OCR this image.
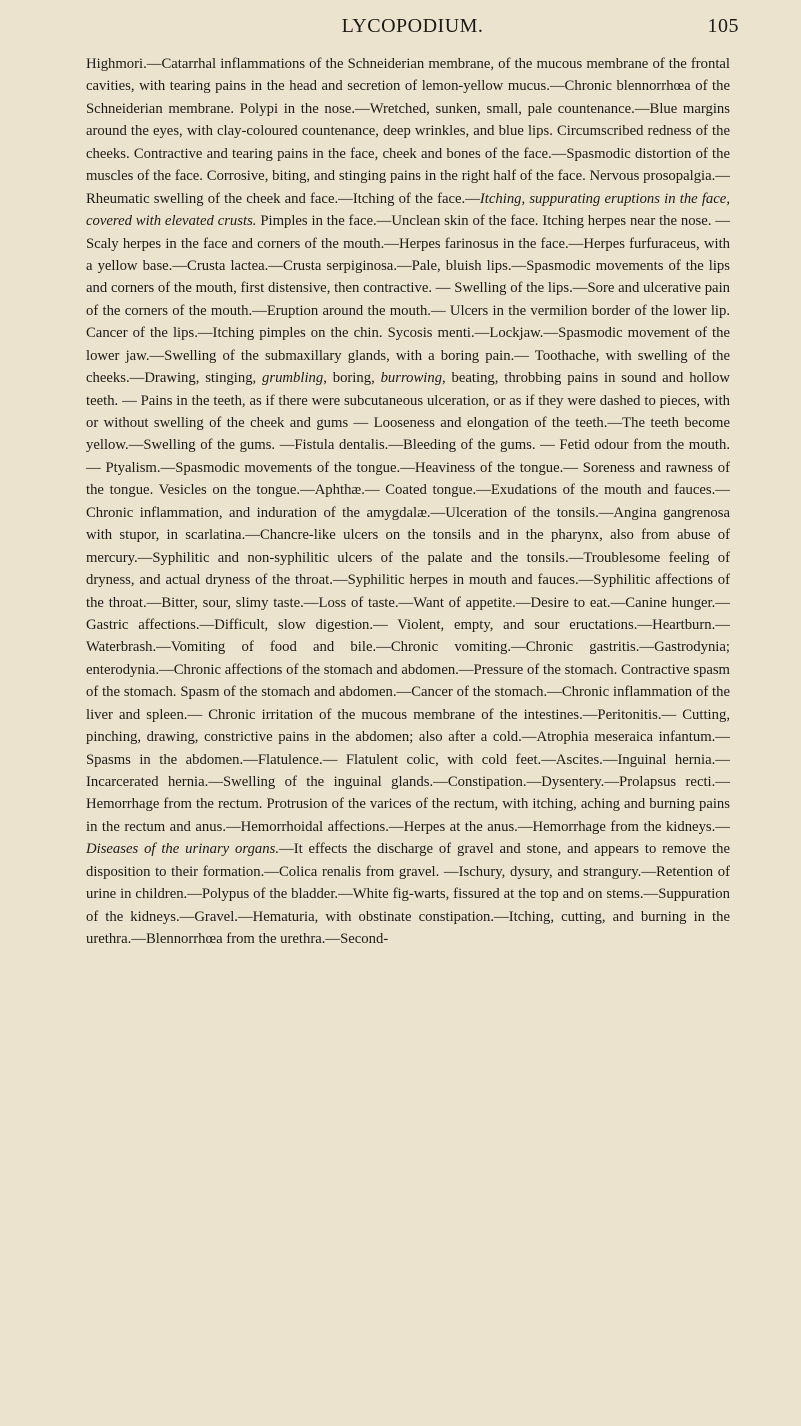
LYCOPODIUM.	105

Highmori.—Catarrhal inflammations of the Schneiderian membrane, of the mucous membrane of the frontal cavities, with tearing pains in the head and secretion of lemon-yellow mucus.—Chronic blennorrhœa of the Schneiderian membrane. Polypi in the nose.—Wretched, sunken, small, pale countenance.—Blue margins around the eyes, with clay-coloured countenance, deep wrinkles, and blue lips. Circumscribed redness of the cheeks. Contractive and tearing pains in the face, cheek and bones of the face.—Spasmodic distortion of the muscles of the face. Corrosive, biting, and stinging pains in the right half of the face. Nervous prosopalgia.—Rheumatic swelling of the cheek and face.—Itching of the face.—Itching, suppurating eruptions in the face, covered with elevated crusts. Pimples in the face.—Unclean skin of the face. Itching herpes near the nose. —Scaly herpes in the face and corners of the mouth.—Herpes farinosus in the face.—Herpes furfuraceus, with a yellow base.—Crusta lactea.—Crusta serpiginosa.—Pale, bluish lips.—Spasmodic movements of the lips and corners of the mouth, first distensive, then contractive. — Swelling of the lips.—Sore and ulcerative pain of the corners of the mouth.—Eruption around the mouth.— Ulcers in the vermilion border of the lower lip. Cancer of the lips.—Itching pimples on the chin. Sycosis menti.—Lockjaw.—Spasmodic movement of the lower jaw.—Swelling of the submaxillary glands, with a boring pain.— Toothache, with swelling of the cheeks.—Drawing, stinging, grumbling, boring, burrowing, beating, throbbing pains in sound and hollow teeth. — Pains in the teeth, as if there were subcutaneous ulceration, or as if they were dashed to pieces, with or without swelling of the cheek and gums — Looseness and elongation of the teeth.—The teeth become yellow.—Swelling of the gums. —Fistula dentalis.—Bleeding of the gums. — Fetid odour from the mouth.— Ptyalism.—Spasmodic movements of the tongue.—Heaviness of the tongue.— Soreness and rawness of the tongue. Vesicles on the tongue.—Aphthæ.— Coated tongue.—Exudations of the mouth and fauces.—Chronic inflammation, and induration of the amygdalæ.—Ulceration of the tonsils.—Angina gangrenosa with stupor, in scarlatina.—Chancre-like ulcers on the tonsils and in the pharynx, also from abuse of mercury.—Syphilitic and non-syphilitic ulcers of the palate and the tonsils.—Troublesome feeling of dryness, and actual dryness of the throat.—Syphilitic herpes in mouth and fauces.—Syphilitic affections of the throat.—Bitter, sour, slimy taste.—Loss of taste.—Want of appetite.—Desire to eat.—Canine hunger.—Gastric affections.—Difficult, slow digestion.— Violent, empty, and sour eructations.—Heartburn.—Waterbrash.—Vomiting of food and bile.—Chronic vomiting.—Chronic gastritis.—Gastrodynia; enterodynia.—Chronic affections of the stomach and abdomen.—Pressure of the stomach. Contractive spasm of the stomach. Spasm of the stomach and abdomen.—Cancer of the stomach.—Chronic inflammation of the liver and spleen.— Chronic irritation of the mucous membrane of the intestines.—Peritonitis.— Cutting, pinching, drawing, constrictive pains in the abdomen; also after a cold.—Atrophia meseraica infantum.—Spasms in the abdomen.—Flatulence.— Flatulent colic, with cold feet.—Ascites.—Inguinal hernia.—Incarcerated hernia.—Swelling of the inguinal glands.—Constipation.—Dysentery.—Prolapsus recti.—Hemorrhage from the rectum. Protrusion of the varices of the rectum, with itching, aching and burning pains in the rectum and anus.—Hemorrhoidal affections.—Herpes at the anus.—Hemorrhage from the kidneys.—Diseases of the urinary organs.—It effects the discharge of gravel and stone, and appears to remove the disposition to their formation.—Colica renalis from gravel. —Ischury, dysury, and strangury.—Retention of urine in children.—Polypus of the bladder.—White fig-warts, fissured at the top and on stems.—Suppuration of the kidneys.—Gravel.—Hematuria, with obstinate constipation.—Itching, cutting, and burning in the urethra.—Blennorrhœa from the urethra.—Second-
